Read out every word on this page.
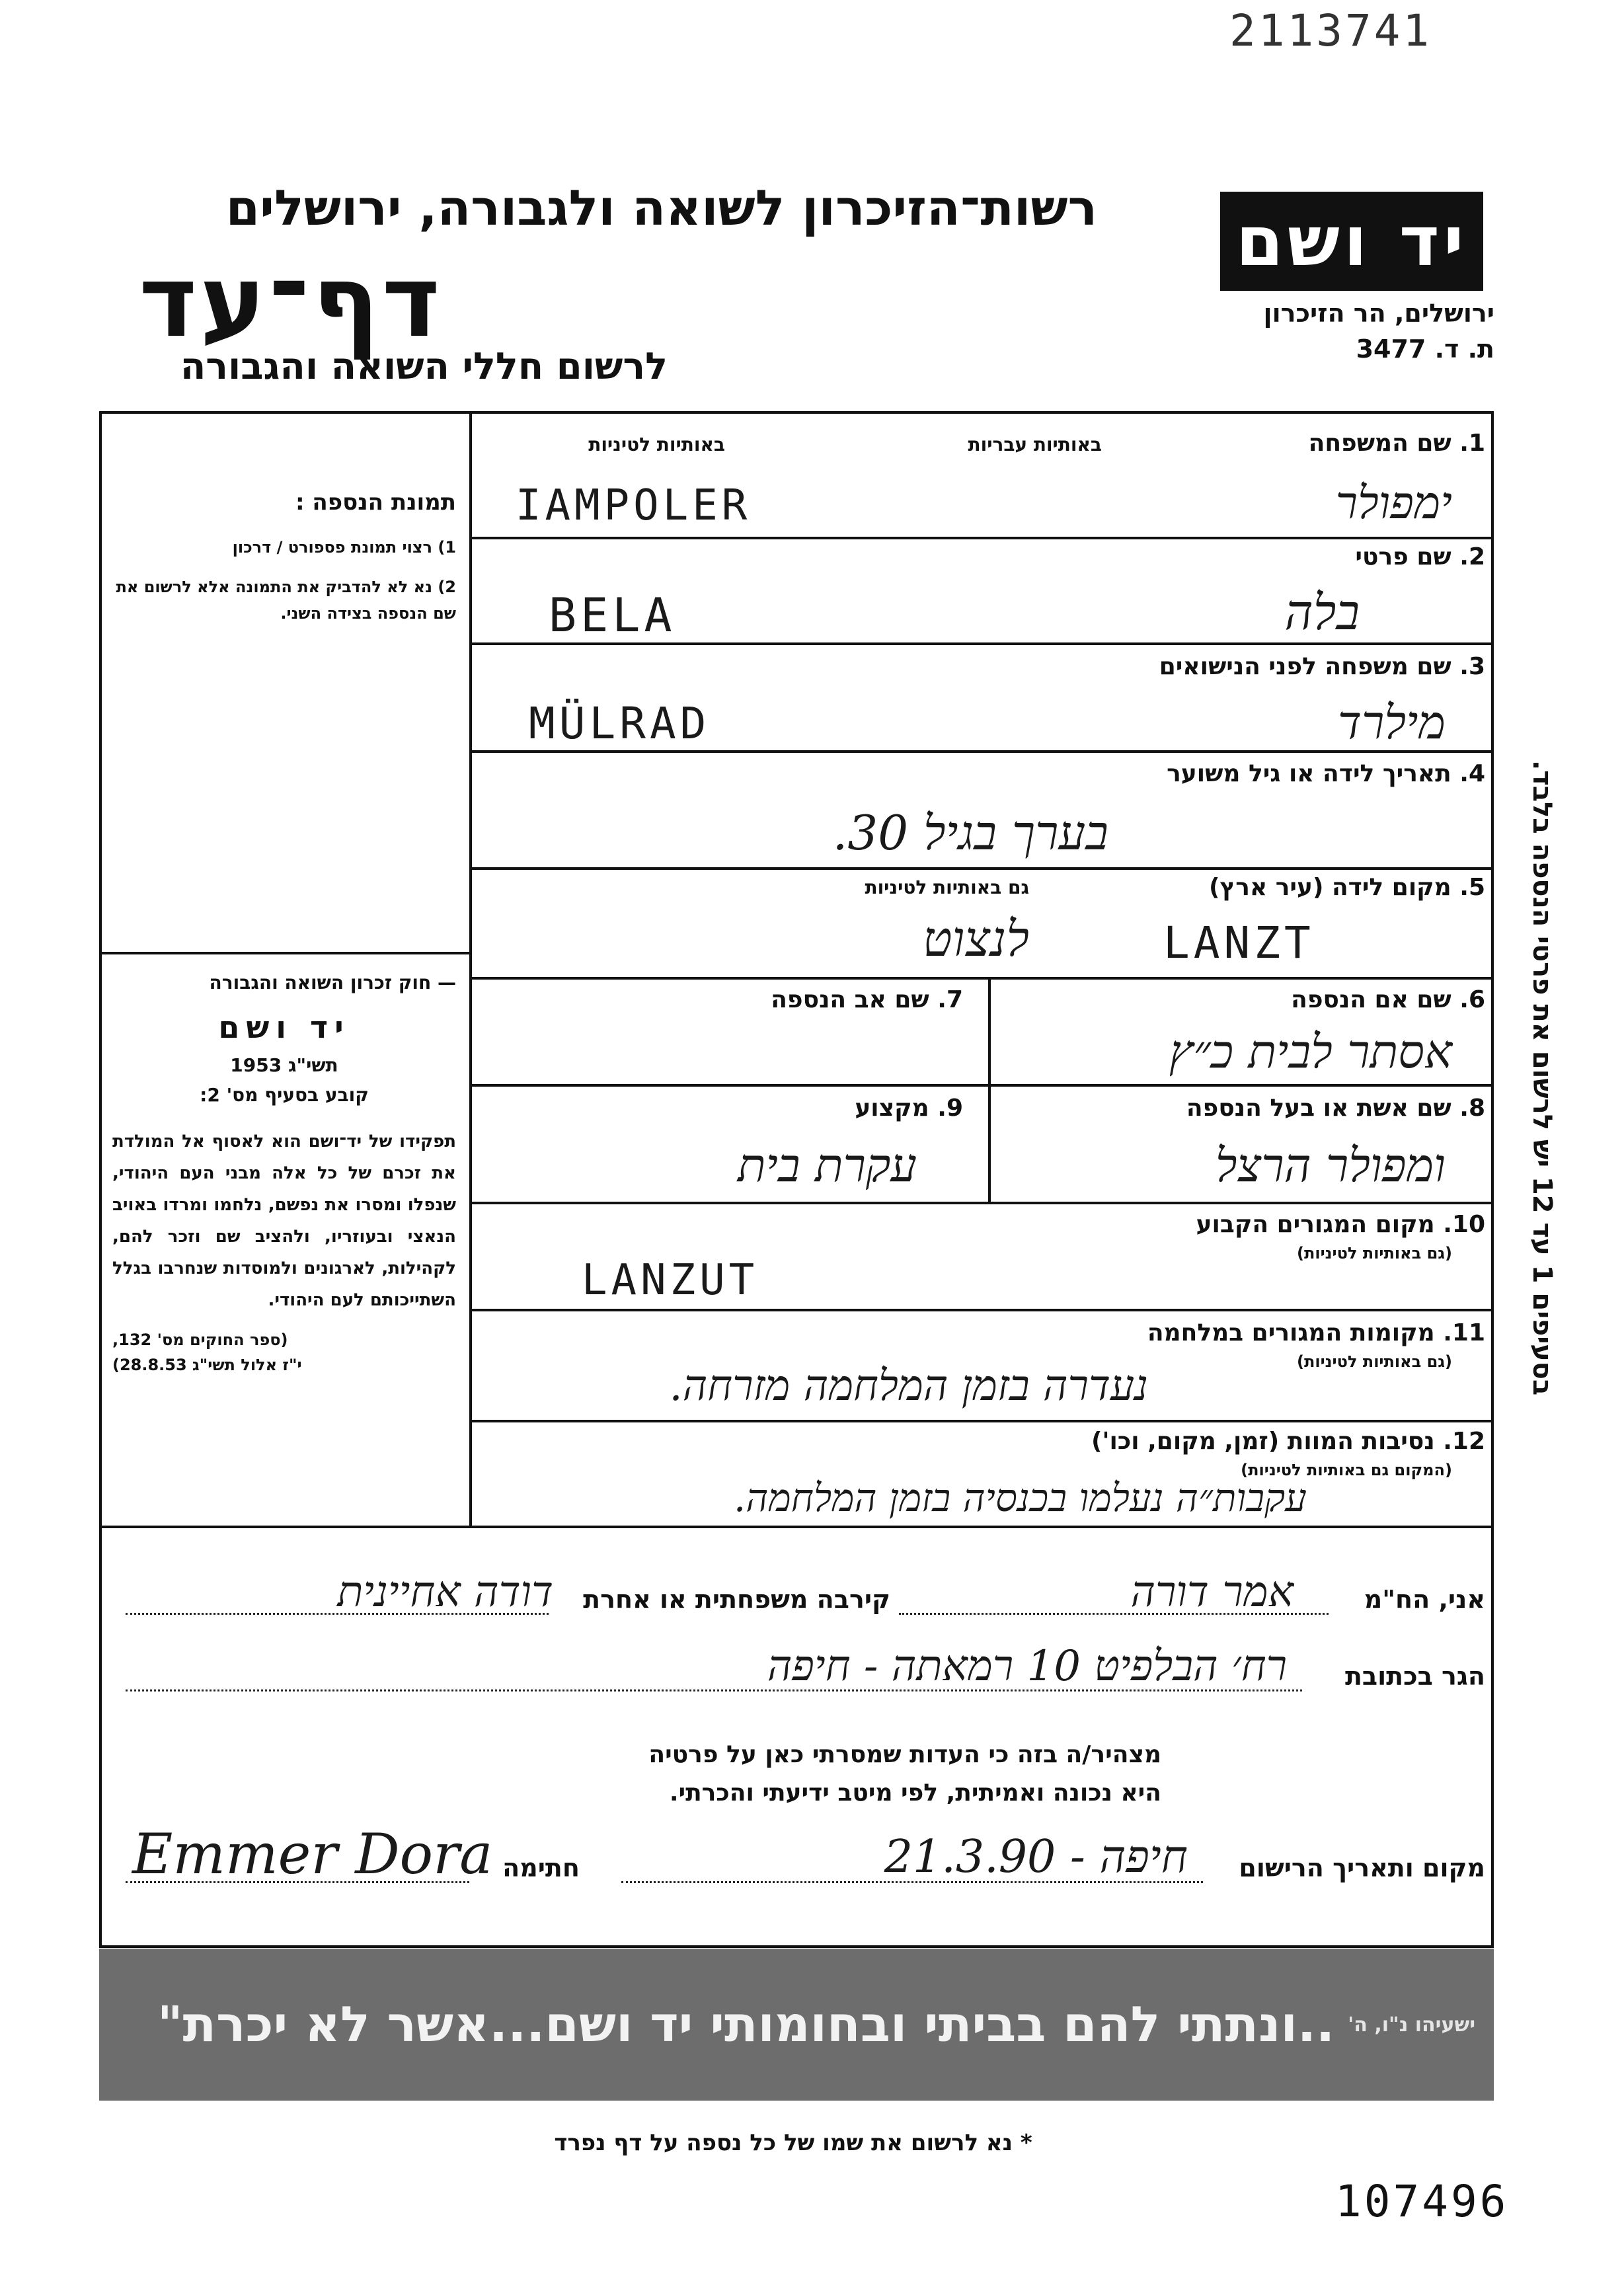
2113741
רשות־הזיכרון לשואה ולגבורה, ירושלים
דף־עד
לרשום חללי השואה והגבורה
יד ושם
ירושלים, הר הזיכרון
ת. ד. 3477

תמונת הנספה :

1) רצוי תמונת פספורט / דרכון

2) נא לא להדביק את התמונה אלא לרשום את שם הנספה בצידה השני.

— חוק זכרון השואה והגבורה

יד ושם

תשי"ג 1953

קובע בסעיף מס' 2:

תפקידו של יד־ושם הוא לאסוף אל המולדת את זכרם של כל אלה מבני העם היהודי, שנפלו ומסרו את נפשם, נלחמו ומרדו באויב הנאצי ובעוזריו, ולהציב שם וזכר להם, לקהילות, לארגונים ולמוסדות שנחרבו בגלל השתייכותם לעם היהודי.

(ספר החוקים מס' 132,

י"ז אלול תשי"ג 28.8.53)

בסעיפים 1 עד 12 יש לרשום את פרטי הנספה בלבד.
1. שם המשפחה
באותיות עבריות
באותיות לטיניות
IAMPOLER	ימפולר
2. שם פרטי
BELA	בלה
3. שם משפחה לפני הנישואים
MÜLRAD	מילרד
4. תאריך לידה או גיל משוער
בערך בגיל 30.
5. מקום לידה (עיר ארץ)
גם באותיות לטיניות
LANZT
לנצוט
6. שם אם הנספה
אסתר לבית כ״ץ
7. שם אב הנספה
8. שם אשת או בעל הנספה
ומפולר הרצל
9. מקצוע
עקרת בית
10. מקום המגורים הקבוע
(גם באותיות לטיניות)
LANZUT
11. מקומות המגורים במלחמה
(גם באותיות לטיניות)
נעדרה בזמן המלחמה מזרחה.
12. נסיבות המוות (זמן, מקום, וכו')
(המקום גם באותיות לטיניות)
עקבות״ה נעלמו בכנסיה בזמן המלחמה.
אני, הח"מ
אמר דורה
קירבה משפחתית או אחרת
דודה אחיינית
הגר בכתובת
רח׳ הבלפיט 10 רמאתה - חיפה
מצהיר/ה בזה כי העדות שמסרתי כאן על פרטיה
היא נכונה ואמיתית, לפי מיטב ידיעתי והכרתי.
מקום ותאריך הרישום
חיפה - 21.3.90
חתימה
Emmer Dora
..ונתתי להם בביתי ובחומותי יד ושם...אשר לא יכרת" ישעיהו נ"ו, ה'
* נא לרשום את שמו של כל נספה על דף נפרד
107496
